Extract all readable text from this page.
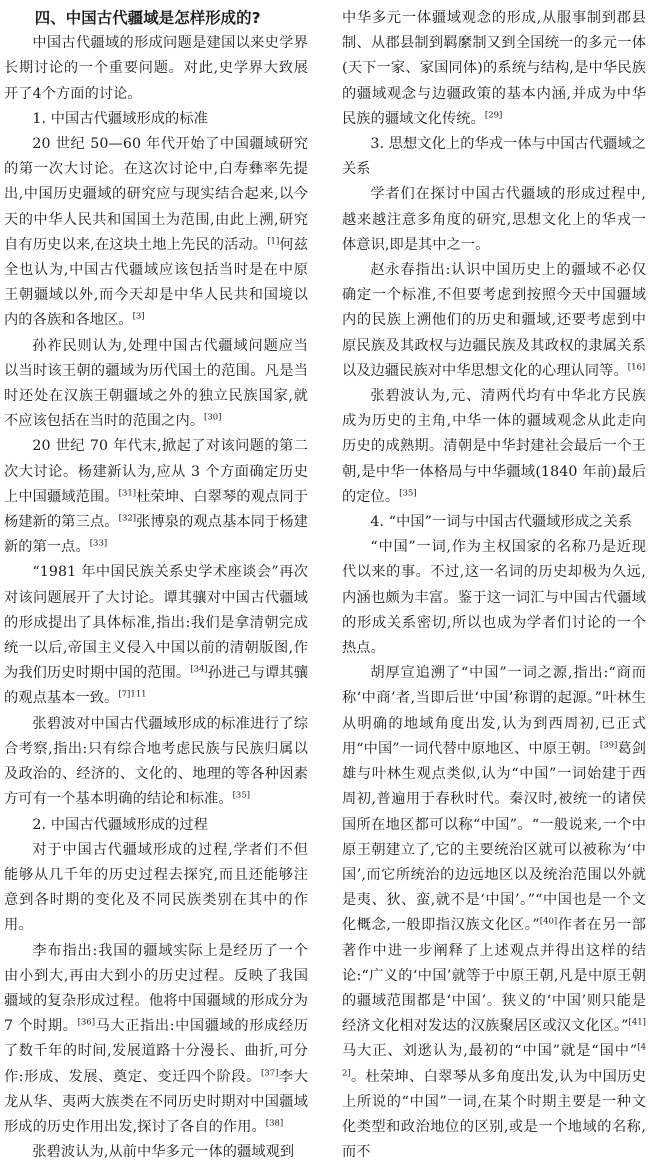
四、中国古代疆域是怎样形成的?

中国古代疆域的形成问题是建国以来史学界长期讨论的一个重要问题。对此,史学界大致展开了4个方面的讨论。

1. 中国古代疆域形成的标准

20 世纪 50—60 年代开始了中国疆域研究的第一次大讨论。在这次讨论中,白寿彝率先提出,中国历史疆域的研究应与现实结合起来,以今天的中华人民共和国国土为范围,由此上溯,研究自有历史以来,在这块土地上先民的活动。[1]何兹全也认为,中国古代疆域应该包括当时是在中原王朝疆域以外,而今天却是中华人民共和国境以内的各族和各地区。[3]

孙祚民则认为,处理中国古代疆域问题应当以当时该王朝的疆域为历代国土的范围。凡是当时还处在汉族王朝疆域之外的独立民族国家,就不应该包括在当时的范围之内。[30]

20 世纪 70 年代末,掀起了对该问题的第二次大讨论。杨建新认为,应从 3 个方面确定历史上中国疆域范围。[31]杜荣坤、白翠琴的观点同于杨建新的第三点。[32]张博泉的观点基本同于杨建新的第一点。[33]

“1981 年中国民族关系史学术座谈会”再次对该问题展开了大讨论。谭其骧对中国古代疆域的形成提出了具体标准,指出:我们是拿清朝完成统一以后,帝国主义侵入中国以前的清朝版图,作为我们历史时期中国的范围。[34]孙进己与谭其骧的观点基本一致。$^{[7]111}$

张碧波对中国古代疆域形成的标准进行了综合考察,指出:只有综合地考虑民族与民族归属以及政治的、经济的、文化的、地理的等各种因素方可有一个基本明确的结论和标准。[35]

2. 中国古代疆域形成的过程

对于中国古代疆域形成的过程,学者们不但能够从几千年的历史过程去探究,而且还能够注意到各时期的变化及不同民族类别在其中的作用。

李布指出:我国的疆域实际上是经历了一个由小到大,再由大到小的历史过程。反映了我国疆域的复杂形成过程。他将中国疆域的形成分为 7 个时期。[36]马大正指出:中国疆域的形成经历了数千年的时间,发展道路十分漫长、曲折,可分作:形成、发展、奠定、变迁四个阶段。[37]李大龙从华、夷两大族类在不同历史时期对中国疆域形成的历史作用出发,探讨了各自的作用。[38]

张碧波认为,从前中华多元一体的疆域观到

中华多元一体疆域观念的形成,从服事制到郡县制、从郡县制到羁縻制又到全国统一的多元一体(天下一家、家国同体)的系统与结构,是中华民族的疆域观念与边疆政策的基本内涵,并成为中华民族的疆域文化传统。[29]

3. 思想文化上的华戎一体与中国古代疆域之关系

学者们在探讨中国古代疆域的形成过程中,越来越注意多角度的研究,思想文化上的华戎一体意识,即是其中之一。

赵永春指出:认识中国历史上的疆域不必仅确定一个标准,不但要考虑到按照今天中国疆域内的民族上溯他们的历史和疆域,还要考虑到中原民族及其政权与边疆民族及其政权的隶属关系以及边疆民族对中华思想文化的心理认同等。[16]

张碧波认为,元、清两代均有中华北方民族成为历史的主角,中华一体的疆域观念从此走向历史的成熟期。清朝是中华封建社会最后一个王朝,是中华一体格局与中华疆域(1840 年前)最后的定位。[35]

4. “中国”一词与中国古代疆域形成之关系

“中国”一词,作为主权国家的名称乃是近现代以来的事。不过,这一名词的历史却极为久远,内涵也颇为丰富。鉴于这一词汇与中国古代疆域的形成关系密切,所以也成为学者们讨论的一个热点。

胡厚宣追溯了“中国”一词之源,指出:“商而称‘中商’者,当即后世‘中国’称谓的起源。”叶林生从明确的地域角度出发,认为到西周初,已正式用“中国”一词代替中原地区、中原王朝。[39]葛剑雄与叶林生观点类似,认为“中国”一词始建于西周初,普遍用于春秋时代。秦汉时,被统一的诸侯国所在地区都可以称“中国”。“一般说来,一个中原王朝建立了,它的主要统治区就可以被称为‘中国’,而它所统治的边远地区以及统治范围以外就是夷、狄、蛮,就不是‘中国’。”“中国也是一个文化概念,一般即指汉族文化区。”[40]作者在另一部著作中进一步阐释了上述观点并得出这样的结论:“广义的‘中国’就等于中原王朝,凡是中原王朝的疆域范围都是‘中国’。狭义的‘中国’则只能是经济文化相对发达的汉族聚居区或汉文化区。”[41]马大正、刘逖认为,最初的“中国”就是“国中”[42]。杜荣坤、白翠琴从多角度出发,认为中国历史上所说的“中国”一词,在某个时期主要是一种文化类型和政治地位的区别,或是一个地域的名称,而不
